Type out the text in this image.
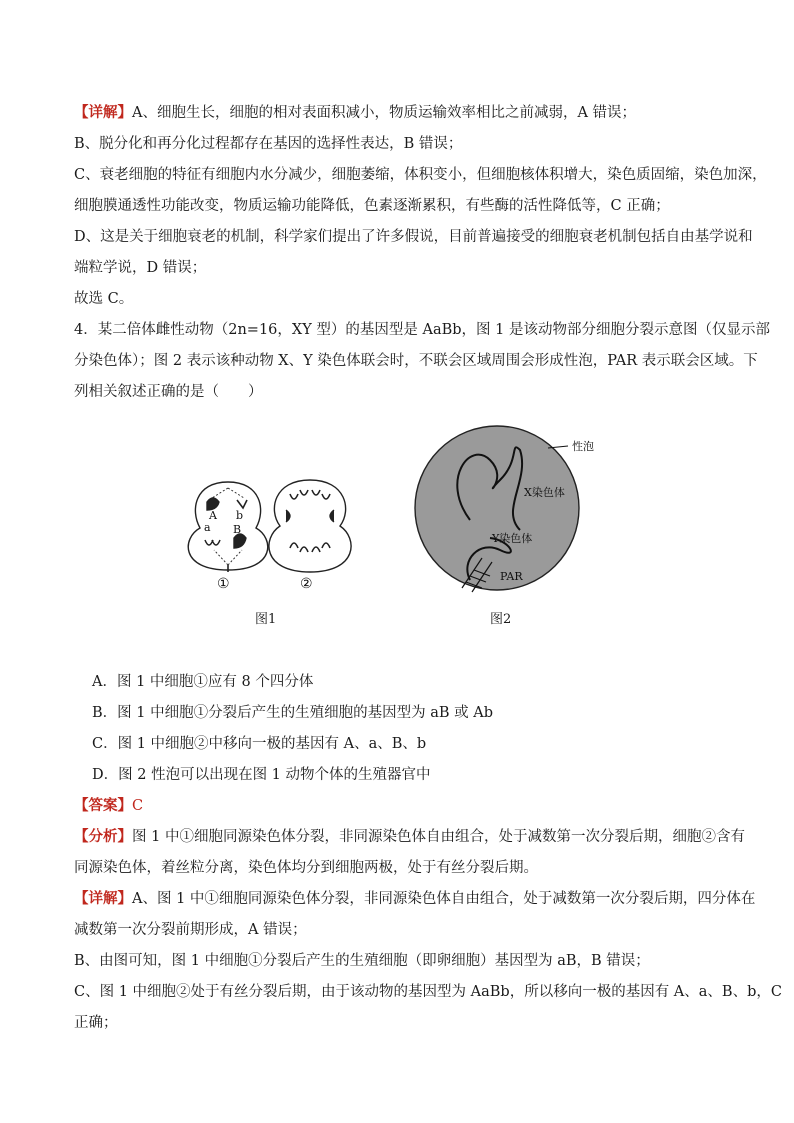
【详解】A、细胞生长，细胞的相对表面积减小，物质运输效率相比之前减弱，A 错误；
B、脱分化和再分化过程都存在基因的选择性表达，B 错误；
C、衰老细胞的特征有细胞内水分减少，细胞萎缩，体积变小，但细胞核体积增大，染色质固缩，染色加深，
细胞膜通透性功能改变，物质运输功能降低，色素逐渐累积，有些酶的活性降低等，C 正确；
D、这是关于细胞衰老的机制，科学家们提出了许多假说，目前普遍接受的细胞衰老机制包括自由基学说和
端粒学说，D 错误；
故选 C。
4．某二倍体雌性动物（2n=16，XY 型）的基因型是 AaBb，图 1 是该动物部分细胞分裂示意图（仅显示部
分染色体）；图 2 表示该种动物 X、Y 染色体联会时，不联会区域周围会形成性泡，PAR 表示联会区域。下
列相关叙述正确的是（　　）
A b
a B
①	②
性泡
X染色体
Y染色体
PAR
图1	图2
A．图 1 中细胞①应有 8 个四分体
B．图 1 中细胞①分裂后产生的生殖细胞的基因型为 aB 或 Ab
C．图 1 中细胞②中移向一极的基因有 A、a、B、b
D．图 2 性泡可以出现在图 1 动物个体的生殖器官中
【答案】C
【分析】图 1 中①细胞同源染色体分裂，非同源染色体自由组合，处于减数第一次分裂后期，细胞②含有
同源染色体，着丝粒分离，染色体均分到细胞两极，处于有丝分裂后期。
【详解】A、图 1 中①细胞同源染色体分裂，非同源染色体自由组合，处于减数第一次分裂后期，四分体在
减数第一次分裂前期形成，A 错误；
B、由图可知，图 1 中细胞①分裂后产生的生殖细胞（即卵细胞）基因型为 aB，B 错误；
C、图 1 中细胞②处于有丝分裂后期，由于该动物的基因型为 AaBb，所以移向一极的基因有 A、a、B、b，C
正确；
